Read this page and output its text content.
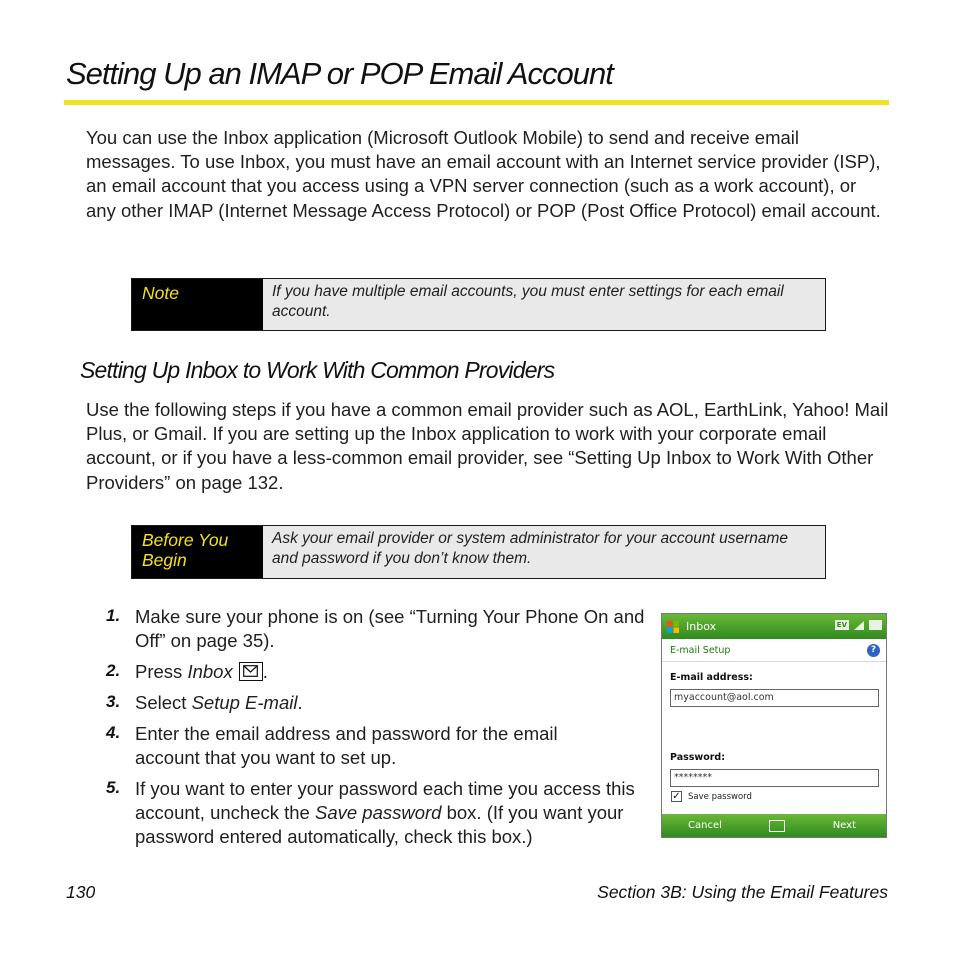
Setting Up an IMAP or POP Email Account
You can use the Inbox application (Microsoft Outlook Mobile) to send and receive email messages. To use Inbox, you must have an email account with an Internet service provider (ISP), an email account that you access using a VPN server connection (such as a work account), or any other IMAP (Internet Message Access Protocol) or POP (Post Office Protocol) email account.
Note	If you have multiple email accounts, you must enter settings for each email account.
Setting Up Inbox to Work With Common Providers
Use the following steps if you have a common email provider such as AOL, EarthLink, Yahoo! Mail Plus, or Gmail. If you are setting up the Inbox application to work with your corporate email account, or if you have a less-common email provider, see “Setting Up Inbox to Work With Other Providers” on page 132.
Before You Begin
Ask your email provider or system administrator for your account username and password if you don’t know them.
1. Make sure your phone is on (see “Turning Your Phone On and Off” on page 35).
2. Press Inbox .
3. Select Setup E-mail.
4. Enter the email address and password for the email account that you want to set up.
5. If you want to enter your password each time you access this account, uncheck the Save password box. (If you want your password entered automatically, check this box.)
Inbox	EV
E-mail Setup	?
E-mail address:
myaccount@aol.com
Password:
********
✓ Save password
Cancel	Next
130	Section 3B: Using the Email Features
